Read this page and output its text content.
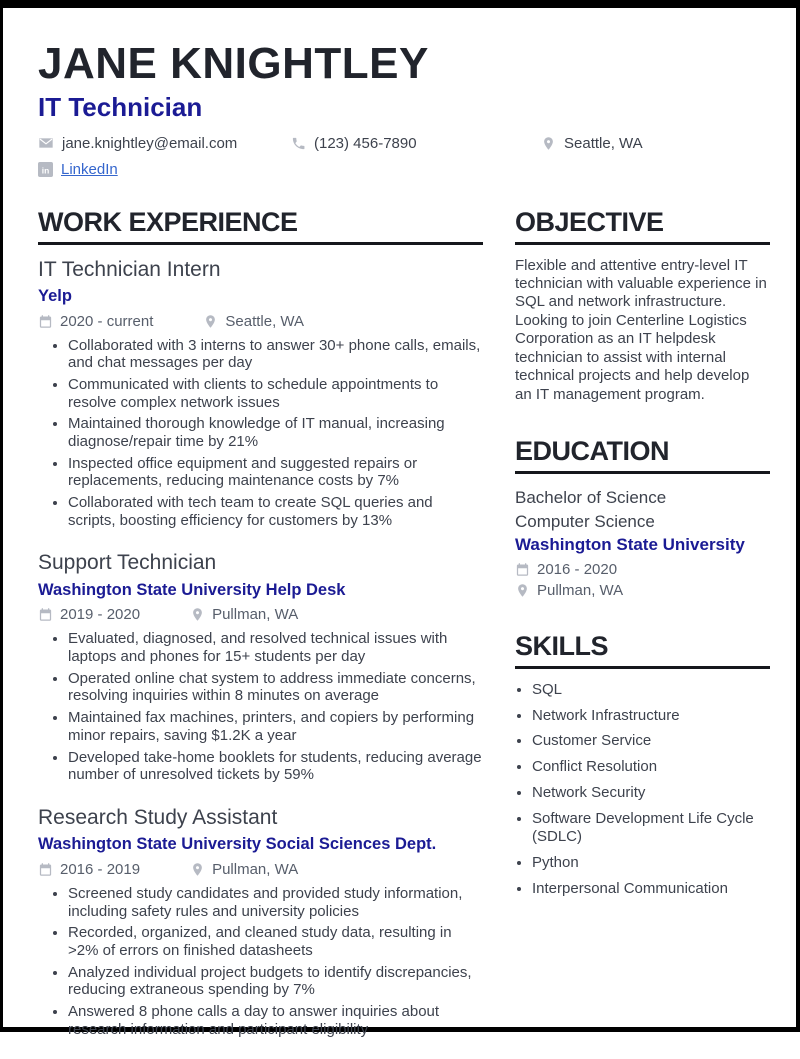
JANE KNIGHTLEY
IT Technician
jane.knightley@email.com	(123) 456-7890	Seattle, WA
in LinkedIn
WORK EXPERIENCE
IT Technician Intern
Yelp
2020 - current	Seattle, WA
• Collaborated with 3 interns to answer 30+ phone calls, emails, and chat messages per day
• Communicated with clients to schedule appointments to resolve complex network issues
• Maintained thorough knowledge of IT manual, increasing diagnose/repair time by 21%
• Inspected office equipment and suggested repairs or replacements, reducing maintenance costs by 7%
• Collaborated with tech team to create SQL queries and scripts, boosting efficiency for customers by 13%
Support Technician
Washington State University Help Desk
2019 - 2020	Pullman, WA
• Evaluated, diagnosed, and resolved technical issues with laptops and phones for 15+ students per day
• Operated online chat system to address immediate concerns, resolving inquiries within 8 minutes on average
• Maintained fax machines, printers, and copiers by performing minor repairs, saving $1.2K a year
• Developed take-home booklets for students, reducing average number of unresolved tickets by 59%
Research Study Assistant
Washington State University Social Sciences Dept.
2016 - 2019	Pullman, WA
• Screened study candidates and provided study information, including safety rules and university policies
• Recorded, organized, and cleaned study data, resulting in >2% of errors on finished datasheets
• Analyzed individual project budgets to identify discrepancies, reducing extraneous spending by 7%
• Answered 8 phone calls a day to answer inquiries about research information and participant eligibility
OBJECTIVE
Flexible and attentive entry-level IT technician with valuable experience in SQL and network infrastructure. Looking to join Centerline Logistics Corporation as an IT helpdesk technician to assist with internal technical projects and help develop an IT management program.
EDUCATION
Bachelor of Science
Computer Science
Washington State University
2016 - 2020
Pullman, WA
SKILLS
• SQL
• Network Infrastructure
• Customer Service
• Conflict Resolution
• Network Security
• Software Development Life Cycle (SDLC)
• Python
• Interpersonal Communication
